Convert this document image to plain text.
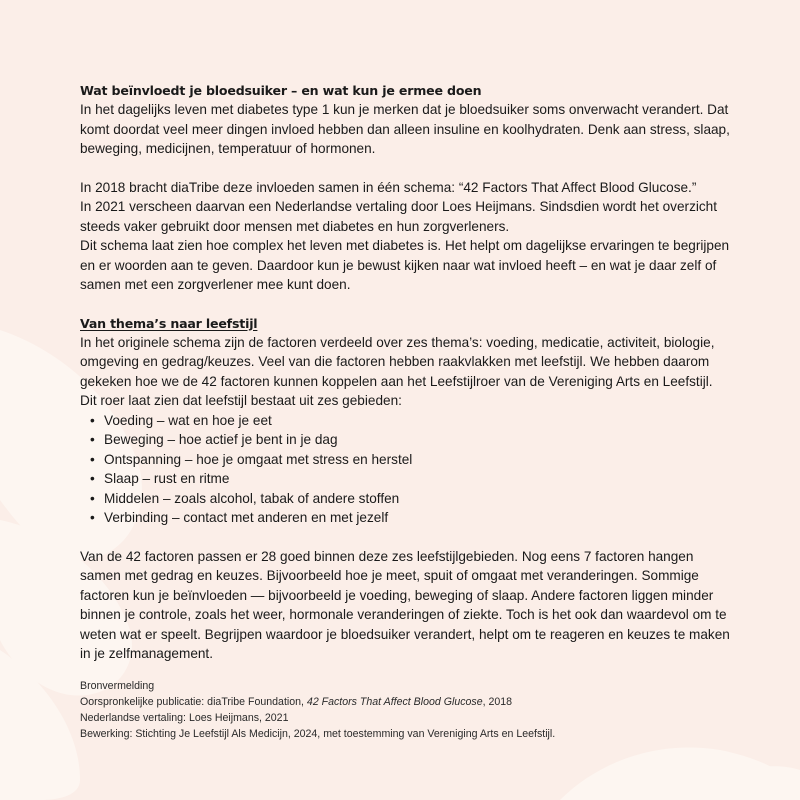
Wat beïnvloedt je bloedsuiker – en wat kun je ermee doen

In het dagelijks leven met diabetes type 1 kun je merken dat je bloedsuiker soms onverwacht verandert. Dat komt doordat veel meer dingen invloed hebben dan alleen insuline en koolhydraten. Denk aan stress, slaap, beweging, medicijnen, temperatuur of hormonen.

In 2018 bracht diaTribe deze invloeden samen in één schema: “42 Factors That Affect Blood Glucose.”

In 2021 verscheen daarvan een Nederlandse vertaling door Loes Heijmans. Sindsdien wordt het overzicht steeds vaker gebruikt door mensen met diabetes en hun zorgverleners.

Dit schema laat zien hoe complex het leven met diabetes is. Het helpt om dagelijkse ervaringen te begrijpen en er woorden aan te geven. Daardoor kun je bewust kijken naar wat invloed heeft – en wat je daar zelf of samen met een zorgverlener mee kunt doen.

Van thema’s naar leefstijl

In het originele schema zijn de factoren verdeeld over zes thema’s: voeding, medicatie, activiteit, biologie, omgeving en gedrag/keuzes. Veel van die factoren hebben raakvlakken met leefstijl. We hebben daarom gekeken hoe we de 42 factoren kunnen koppelen aan het Leefstijlroer van de Vereniging Arts en Leefstijl.

Dit roer laat zien dat leefstijl bestaat uit zes gebieden:

• Voeding – wat en hoe je eet
• Beweging – hoe actief je bent in je dag
• Ontspanning – hoe je omgaat met stress en herstel
• Slaap – rust en ritme
• Middelen – zoals alcohol, tabak of andere stoffen
• Verbinding – contact met anderen en met jezelf

Van de 42 factoren passen er 28 goed binnen deze zes leefstijlgebieden. Nog eens 7 factoren hangen samen met gedrag en keuzes. Bijvoorbeeld hoe je meet, spuit of omgaat met veranderingen. Sommige factoren kun je beïnvloeden — bijvoorbeeld je voeding, beweging of slaap. Andere factoren liggen minder binnen je controle, zoals het weer, hormonale veranderingen of ziekte. Toch is het ook dan waardevol om te weten wat er speelt. Begrijpen waardoor je bloedsuiker verandert, helpt om te reageren en keuzes te maken in je zelfmanagement.

Bronvermelding
Oorspronkelijke publicatie: diaTribe Foundation, 42 Factors That Affect Blood Glucose, 2018
Nederlandse vertaling: Loes Heijmans, 2021
Bewerking: Stichting Je Leefstijl Als Medicijn, 2024, met toestemming van Vereniging Arts en Leefstijl.
